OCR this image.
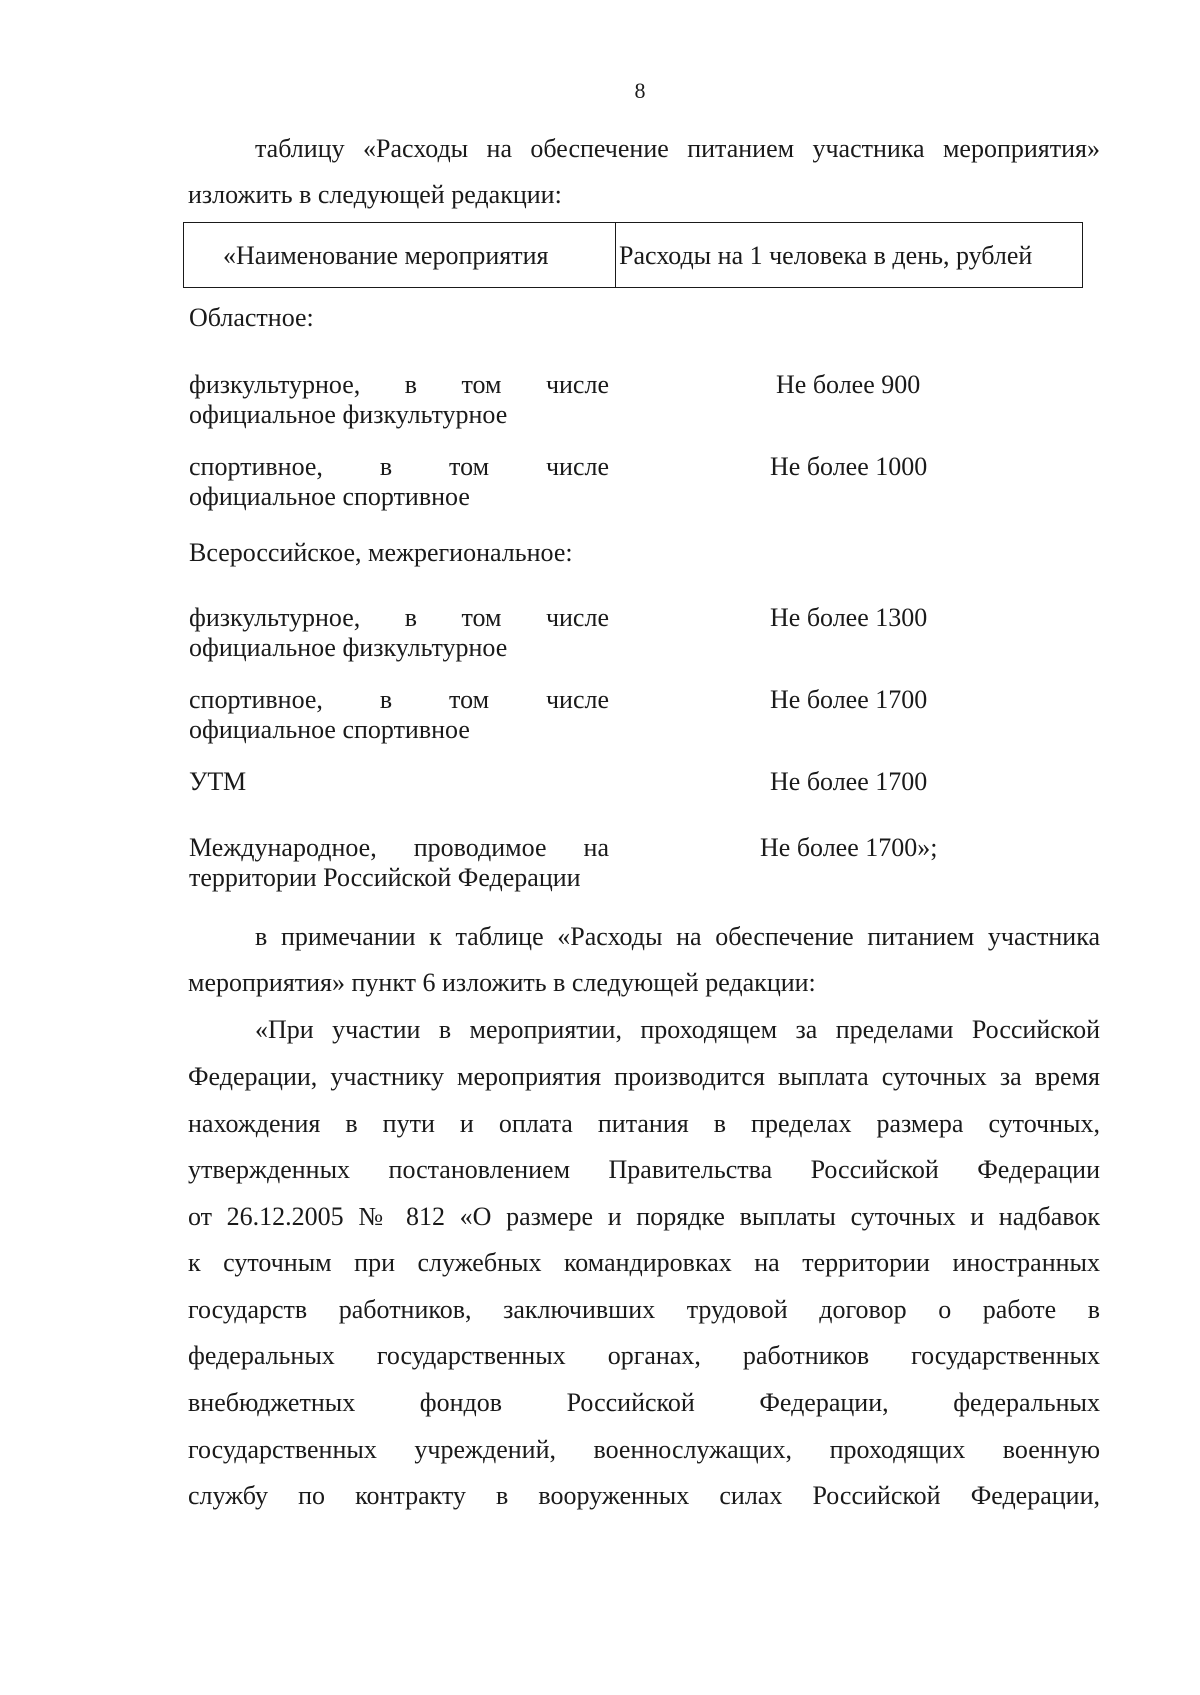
8
таблицу «Расходы на обеспечение питанием участника мероприятия»
изложить в следующей редакции:
«Наименование мероприятия	Расходы на 1 человека в день, рублей
Областное:
физкультурное, в том числе
официальное физкультурное
Не более 900
спортивное, в том числе
официальное спортивное
Не более 1000
Всероссийское, межрегиональное:
физкультурное, в том числе
официальное физкультурное
Не более 1300
спортивное, в том числе
официальное спортивное
Не более 1700
УТМ	Не более 1700
Международное, проводимое на
территории Российской Федерации
Не более 1700»;
в примечании к таблице «Расходы на обеспечение питанием участника
мероприятия» пункт 6 изложить в следующей редакции:
«При участии в мероприятии, проходящем за пределами Российской
Федерации, участнику мероприятия производится выплата суточных за время
нахождения в пути и оплата питания в пределах размера суточных,
утвержденных постановлением Правительства Российской Федерации
от 26.12.2005 № 812 «О размере и порядке выплаты суточных и надбавок
к суточным при служебных командировках на территории иностранных
государств работников, заключивших трудовой договор о работе в
федеральных государственных органах, работников государственных
внебюджетных фондов Российской Федерации, федеральных
государственных учреждений, военнослужащих, проходящих военную
службу по контракту в вооруженных силах Российской Федерации,
